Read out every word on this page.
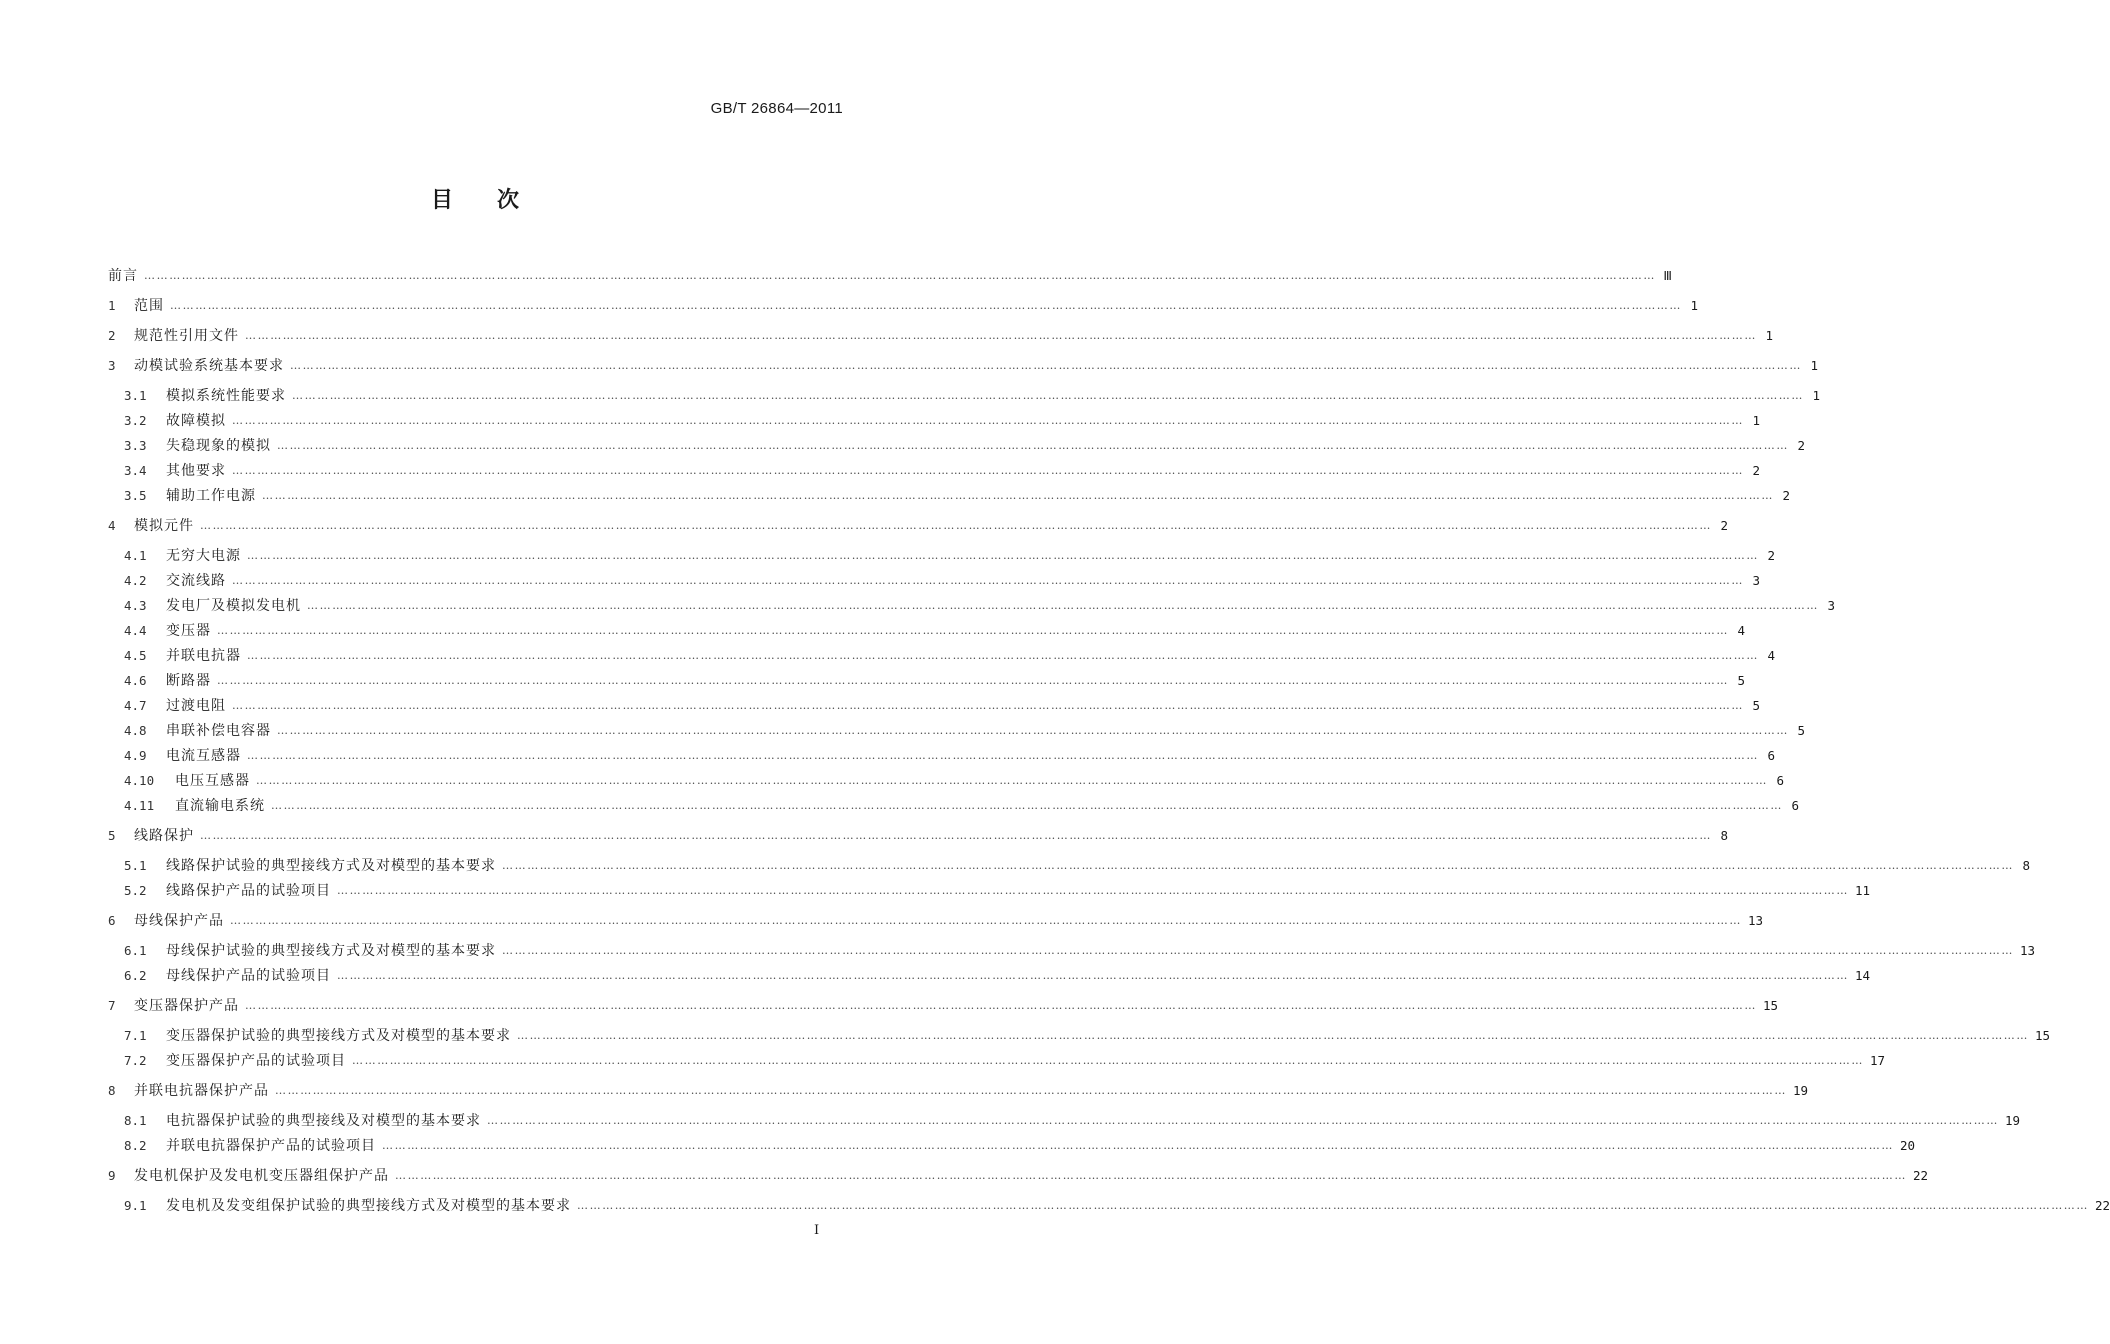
GB/T 26864—2011
目　　次
前言 ……………………………………………………………………………………………………………………………………………………………………………………………………………………………………………………………………………………………………………………………… Ⅲ
1	范围 ……………………………………………………………………………………………………………………………………………………………………………………………………………………………………………………………………………………………………………………………… 1
2	规范性引用文件 ……………………………………………………………………………………………………………………………………………………………………………………………………………………………………………………………………………………………………………………………… 1
3	动模试验系统基本要求 ……………………………………………………………………………………………………………………………………………………………………………………………………………………………………………………………………………………………………………………………… 1
3.1	模拟系统性能要求 ……………………………………………………………………………………………………………………………………………………………………………………………………………………………………………………………………………………………………………………………… 1
3.2	故障模拟 ……………………………………………………………………………………………………………………………………………………………………………………………………………………………………………………………………………………………………………………………… 1
3.3	失稳现象的模拟 ……………………………………………………………………………………………………………………………………………………………………………………………………………………………………………………………………………………………………………………………… 2
3.4	其他要求 ……………………………………………………………………………………………………………………………………………………………………………………………………………………………………………………………………………………………………………………………… 2
3.5	辅助工作电源 ……………………………………………………………………………………………………………………………………………………………………………………………………………………………………………………………………………………………………………………………… 2
4	模拟元件 ……………………………………………………………………………………………………………………………………………………………………………………………………………………………………………………………………………………………………………………………… 2
4.1	无穷大电源 ……………………………………………………………………………………………………………………………………………………………………………………………………………………………………………………………………………………………………………………………… 2
4.2	交流线路 ……………………………………………………………………………………………………………………………………………………………………………………………………………………………………………………………………………………………………………………………… 3
4.3	发电厂及模拟发电机 ……………………………………………………………………………………………………………………………………………………………………………………………………………………………………………………………………………………………………………………………… 3
4.4	变压器 ……………………………………………………………………………………………………………………………………………………………………………………………………………………………………………………………………………………………………………………………… 4
4.5	并联电抗器 ……………………………………………………………………………………………………………………………………………………………………………………………………………………………………………………………………………………………………………………………… 4
4.6	断路器 ……………………………………………………………………………………………………………………………………………………………………………………………………………………………………………………………………………………………………………………………… 5
4.7	过渡电阻 ……………………………………………………………………………………………………………………………………………………………………………………………………………………………………………………………………………………………………………………………… 5
4.8	串联补偿电容器 ……………………………………………………………………………………………………………………………………………………………………………………………………………………………………………………………………………………………………………………………… 5
4.9	电流互感器 ……………………………………………………………………………………………………………………………………………………………………………………………………………………………………………………………………………………………………………………………… 6
4.10	电压互感器 ……………………………………………………………………………………………………………………………………………………………………………………………………………………………………………………………………………………………………………………………… 6
4.11	直流输电系统 ……………………………………………………………………………………………………………………………………………………………………………………………………………………………………………………………………………………………………………………………… 6
5	线路保护 ……………………………………………………………………………………………………………………………………………………………………………………………………………………………………………………………………………………………………………………………… 8
5.1	线路保护试验的典型接线方式及对模型的基本要求 ……………………………………………………………………………………………………………………………………………………………………………………………………………………………………………………………………………………………………………………………… 8
5.2	线路保护产品的试验项目 ……………………………………………………………………………………………………………………………………………………………………………………………………………………………………………………………………………………………………………………………… 11
6	母线保护产品 ……………………………………………………………………………………………………………………………………………………………………………………………………………………………………………………………………………………………………………………………… 13
6.1	母线保护试验的典型接线方式及对模型的基本要求 ……………………………………………………………………………………………………………………………………………………………………………………………………………………………………………………………………………………………………………………………… 13
6.2	母线保护产品的试验项目 ……………………………………………………………………………………………………………………………………………………………………………………………………………………………………………………………………………………………………………………………… 14
7	变压器保护产品 ……………………………………………………………………………………………………………………………………………………………………………………………………………………………………………………………………………………………………………………………… 15
7.1	变压器保护试验的典型接线方式及对模型的基本要求 ……………………………………………………………………………………………………………………………………………………………………………………………………………………………………………………………………………………………………………………………… 15
7.2	变压器保护产品的试验项目 ……………………………………………………………………………………………………………………………………………………………………………………………………………………………………………………………………………………………………………………………… 17
8	并联电抗器保护产品 ……………………………………………………………………………………………………………………………………………………………………………………………………………………………………………………………………………………………………………………………… 19
8.1	电抗器保护试验的典型接线及对模型的基本要求 ……………………………………………………………………………………………………………………………………………………………………………………………………………………………………………………………………………………………………………………………… 19
8.2	并联电抗器保护产品的试验项目 ……………………………………………………………………………………………………………………………………………………………………………………………………………………………………………………………………………………………………………………………… 20
9	发电机保护及发电机变压器组保护产品 ……………………………………………………………………………………………………………………………………………………………………………………………………………………………………………………………………………………………………………………………… 22
9.1	发电机及发变组保护试验的典型接线方式及对模型的基本要求 ……………………………………………………………………………………………………………………………………………………………………………………………………………………………………………………………………………………………………………………………… 22
Ⅰ
